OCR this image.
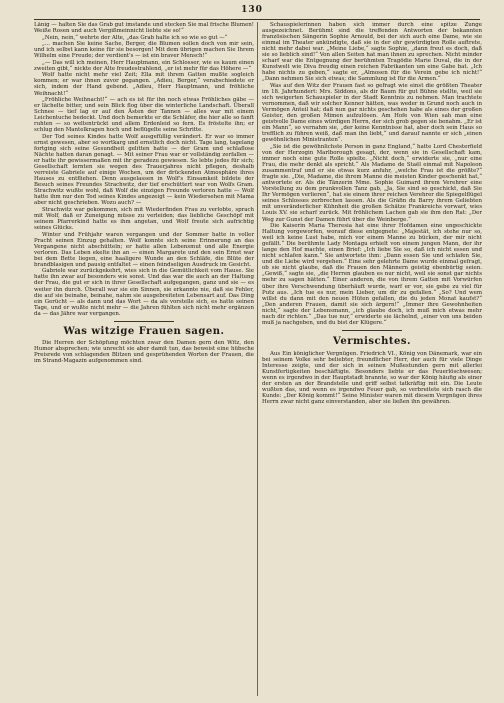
130

Länig — halten Sie das Grab gut imstande und stecken Sie mal frische Blumen! Weiße Rosen und auch Vergißmeinnicht liebte sie so!“

„Nein, nein,“ wehrte der Alte, „das Grab halte ich so wie so gut —“

„... machen Sie keine Sache, Berger, die Blumen sollen doch von mir sein, und ich selbst kann keine für sie besorgen! Mit dem übrigen machen Sie Ihrem Wilhelm eine Freude; der verdient's — ist ein braver Mensch!“

„— Das will ich meinen, Herr Hauptmann, ein Schlosser, wie es kaum einen zweiten gibt,“ nickte der Alte freudestrahlend, „er ist mehr für das Höhere —“

Wolf hatte nicht mehr viel Zeit; Ella mit ihrem Gatten mußte sogleich kommen; er war ihnen zuvor gegangen. „Adieu, Berger,“ verabschiedete er sich, indem der Hand gebend. „Adieu, Herr Hauptmann, und fröhliche Weihnacht!“

„Fröhliche Weihnacht!“ — ach es ist für ihn noch etwas Fröhliches gäbe — er lächelte bitter, und sein Blick flog über die winterliche Landschaft. Überall Schnee — tief lag er auf den Ästen der Tannen — alles war mit einem Leichentuche bedeckt. Und doch bemerkte er die Schläfer, die hier alle so fanft ruhten — so weltentrückt und allem Erdenleid so fern. Es fröstelte ihn; er schlug den Mantelkragen hoch und beflügelte seine Schritte.

Der Tod seines Kindes hatte Wolf ausgefüllig verändert. Er war so immer ernst gewesen, aber so wortkarg und ernstlich doch nicht. Tage lang, tagelang fortging sich seine Gesundheit gelitten hatte — der Gram und schlaflose Nächte hatten daran genagt. — Mit seiner Frau war er vollständig zerfallen — er hatte ihr gewissermaßen mit ihr geradezu gewiesen. So lebte jedes für sich; Gesellschaft lernten sie wegen des Trauerjahres nicht pflegen, deshalb verreiste Gabriele auf einige Wochen, um der drückenden Atmosphäre ihres Hauses zu entfliehen. Denn ausgelassen in Wolf's Einsamkeit bildete der Besuch seines Freundes Strachwitz, der tief erschüttert war von Wolfs Gram. Strachwitz wußte wohl, daß Wolf die einzigen Freunde verloren hatte — Wolf hatte ihm nur den Tod seines Kindes angezeigt — kein Wiedersehen mit Mama aber nicht geschrieben. Wozu auch? —

Strachwitz war gekommen, sich mit Wiederfinden Frau zu verlobte, sprach mit Wolf, daß er Zuneigung müsse zu verleiden; das liebliche Geschöpf mit seinem Pfarrerkind hatte es ihm angetan, und Wolf freute sich aufrichtig seines Glücks.

Winter und Frühjahr waren vergangen und der Sommer hatte in voller Pracht seinen Einzug gehalten. Wolf konnte sich seine Erinnerung an das Vergangene nicht abschütteln; er hatte allen Lebensmut und alle Energie verloren. Das Leben ekelte ihn an — einen Margarete und den sein Ernst war bei dem Bette liegen, eine haaligere Wunde an den Schläfe, die Blüte der brandblasigen und pausig entfaltet — einen feindseligen Ausdruck im Gesicht.

Gabriele war zurückgekehrt, wies sich in die Gemütlichkeit vom Hause. Sie hatte ihn zwar auf besonders wie sonst. Und das war die auch an der Haltung der Frau, die gut er sich in ihrer Gesellschaft aufgegangen, ganz und sie — es weiter ihn durch. Überall war sie ein Sinnen, sie erkannte nie, daß sie Fehler, die auf sie beinahe, beinahe, nahm sie ausgebreiteten Lebensart auf. Das Ding ein Gerücht — als dann und das Wort — da als vorstelle sich, es hatte seinen Tage, und er wußte nicht mehr — die Jahren fühlten sich nicht mehr ergänzen da — das Jähre war vergangen.

Was witzige Frauen sagen.

Die Herren der Schöpfung möchten zwar den Damen gern den Witz, den Humor absprechen; wie unrecht sie aber damit tun, das beweist eine hübsche Preisrede von schlagenden Blitzen und gesprühenden Worten der Frauen, die im Strand-Magazin aufgenommen sind.

Schauspielerinnen haben sich immer durch eine spitze Zunge ausgezeichnet. Berühmt sind die treffenden Antworten der bekannten französischen Sängerin Sophie Arnould, bei der sich auch eine Dame, wie sie einmal im Theater ankündigte, daß sie in der ehr gewürdigten Rolle auftrete, nicht mehr dabei war. „Meine Liebe,“ sagte Sophie, „dann freut es doch, daß sie so lieblich sind!“ Von allen Seiten hat man ihnen zu sprechen. Nicht minder scharf war die Entgegnung der berühmten Tragödie Marie Duval, die in der Kunstwelt wie Diva freudig einen reichen Fabrikanten um eine Gabe bat. „Ich habe nichts zu geben,“ sagte er, „Almosen für die Verein gebe ich nicht!“ „Dann nehmen Sie sich etwas; die Sammlung ist für die Armen.“

Was auf den Witz der Frauen fast so gefragt wie einst die größten Theater im 18. Jahrhundert: Mrs. Siddons, als dir Baum für gut Bühne stellte, weil sie sich weigerten Schauspieler in der Stadt Kenntnis zu nehmen. Man trachtete vernommen, daß wir solcher Kenner hätten, was weder in Grund noch auch in Vermögen Anteil hat; daß nun gar nichts geschehen habe als eines der großen Geister, den großen Mimen aufzulösen. Am Hofe von Wien sah man eine geistvolle Dame eines würdigen Herrn, der sich grob gegen sie benahm. „Er ist ein Mann“, so vernahm sie, „der keine Kenntnisse hat, aber doch sein Haus so trefflich zu führen weiß, daß man ihn liebt,“ und darauf nannte er sich „einen gewöhnlichen Ministranten“.

„Sie ist die gewöhnlichste Person in ganz England,“ hatte Lord Chesterfield von der Herzogin Marlborough gesagt, der, wenn sie in Gesellschaft kam, immer noch eine gute Rolle spielte. „Nicht doch,“ erwiderte sie, „nur eine Frau, die mehr denkt als spricht.“ Als Madame de Staël einmal mit Napoleon zusammentraf und er sie etwas kurz anfuhr, „welche Frau ist die größte?“ fragte sie. „Die, Madame, die ihrem Manne die meisten Kinder geschenkt hat,“ antwortete er. Als die Tänzerin Mme. Sophie Guimard ihrem Verehrer eine Vorstellung zu dem prunkvollen Tanz gab, „Ja, Sie sind so geschickt, daß Sie Ihr Vermögen verlieren“, hat sie einem ihrer reichen Verehrer die Spiegelflügel seines Schlosses zerbrechen lassen. Als die Gräfin du Barry ihrem Geliebten mit unveränderlicher Kühnheit die großen Schätze Frankreichs vorwarf, wies Louis XV. sie scharf zurück. Mit fröhlichem Lachen gab sie ihm den Rat: „Der Weg zur Gunst der Damen führt über die Weinberge.“

Die Kaiserin Maria Theresia hat eine ihrer Hofdamen eine ungeschickte Haltung vorgeworfen, worauf diese entgegnete: „Majestät, ich stehe nur so, weil ich keine Lust habe, mich vor einem Manne zu bücken, der mir nicht gefällt.“ Die berühmte Lady Montagu erhielt von einem jungen Mann, der ihr lange den Hof machte, einen Brief: „Ich liebe Sie so, daß ich nicht essen und nicht schlafen kann.“ Sie antwortete ihm: „Dann essen Sie und schlafen Sie, und die Liebe wird vergehen.“ Eine sehr gelehrte Dame wurde einmal gefragt, ob sie nicht glaube, daß die Frauen den Männern geistig ebenbürtig seien. „Gewiß,“ sagte sie, „die Herren glauben es nur nicht, weil sie sonst gar nichts mehr zu sagen hätten.“ Einer anderen, die von ihrem Gatten mit Vorwürfen über ihre Verschwendung überhäuft wurde, warf er vor, sie gebe zu viel für Putz aus. „Ich tue es nur, mein Lieber, um dir zu gefallen.“ „So? Und wem willst du dann mit den neuen Hüten gefallen, die du jeden Monat kaufst?“ „Den anderen Frauen, damit sie sich ärgern!“ „Immer ihre Gewohnheiten nicht,“ sagte der Lebensmann, „ich glaube doch, ich muß mich etwas mehr nach dir richten.“ „Das tue nur,“ erwiderte sie lächelnd, „einer von uns beiden muß ja nachgeben, und du bist der Klügere.“

Vermischtes.

Aus Ein königlicher Vergnügen. Friedrich VI., König von Dänemark, war ein bei seinem Volke sehr beliebter, freundlicher Herr, der auch für viele Dinge Interesse zeigte, und der sich in seinen Mußestunden gern mit allerlei Kunstfertigkeiten beschäftigte. Besonders liebte er das Feuerlöschwesen; wenn es irgendwo in der Hauptstadt brannte, so war der König häufig als einer der ersten an der Brandstelle und griff selbst tatkräftig mit ein. Die Leute wußten das, und wenn es irgendwo Feuer gab, so verbreitete sich rasch die Kunde: „Der König kommt!“ Seine Minister waren mit diesem Vergnügen ihres Herrn zwar nicht ganz einverstanden, aber sie ließen ihn gewähren.
